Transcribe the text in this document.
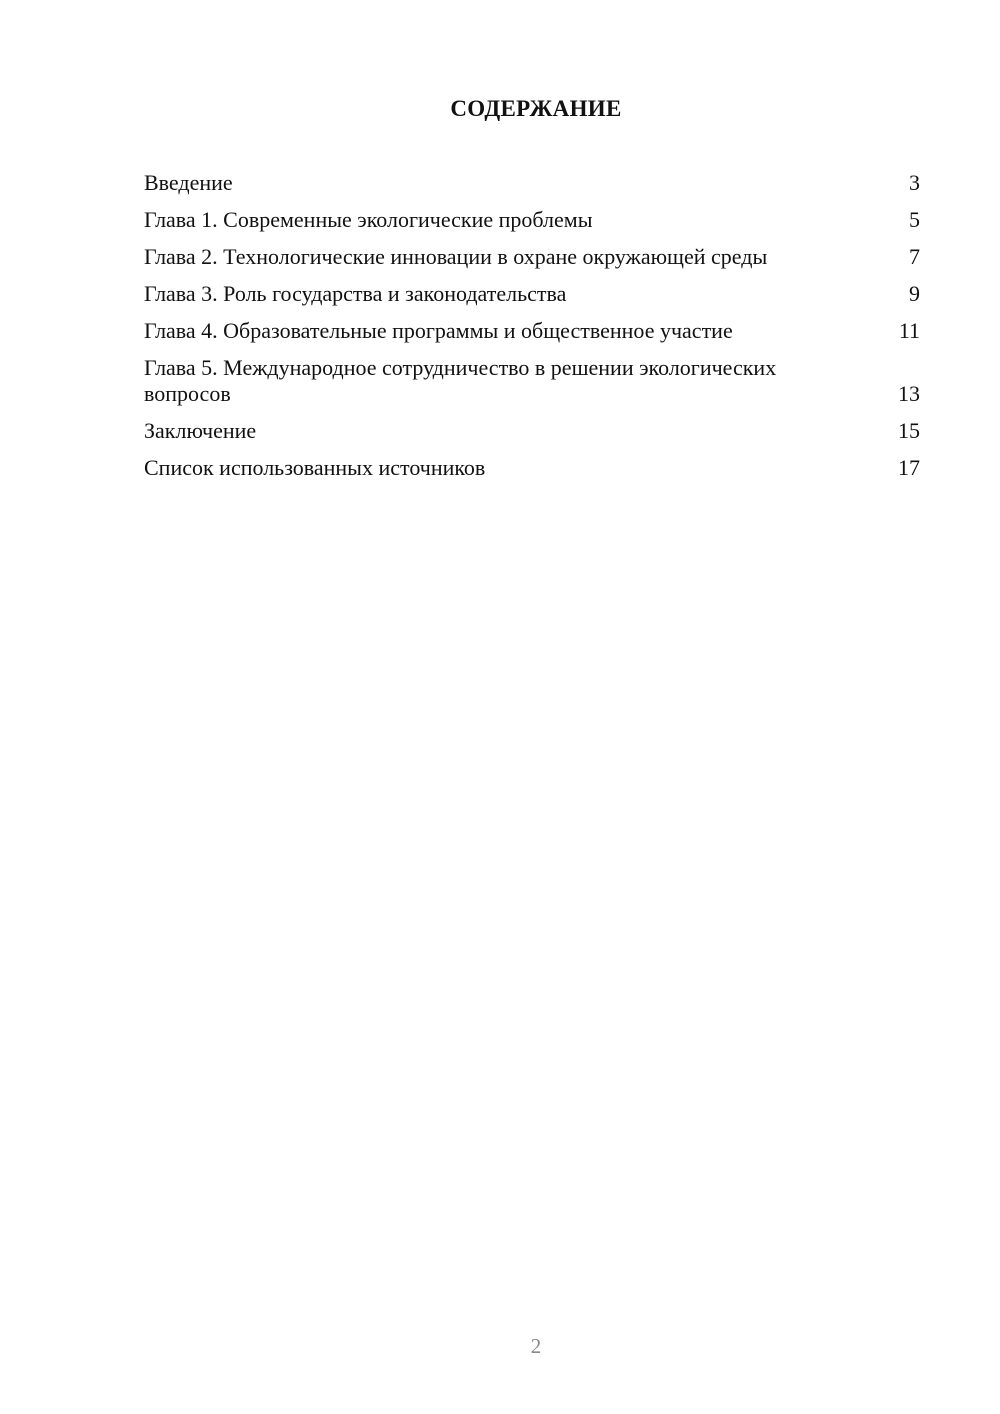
СОДЕРЖАНИЕ
Введение	3
Глава 1. Современные экологические проблемы	5
Глава 2. Технологические инновации в охране окружающей среды	7
Глава 3. Роль государства и законодательства	9
Глава 4. Образовательные программы и общественное участие	11
Глава 5. Международное сотрудничество в решении экологических вопросов	13
Заключение	15
Список использованных источников	17
2
